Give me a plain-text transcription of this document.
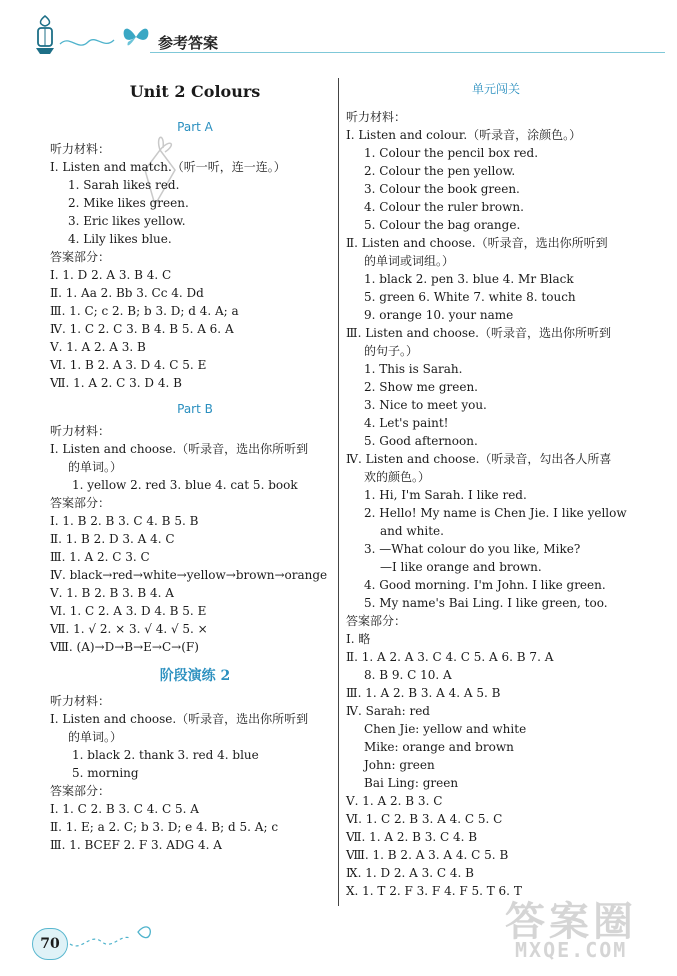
参考答案
Unit 2 Colours
Part A
听力材料：
Ⅰ. Listen and match.（听一听，连一连。）
1. Sarah likes red.
2. Mike likes green.
3. Eric likes yellow.
4. Lily likes blue.
答案部分：
Ⅰ. 1. D 2. A 3. B 4. C
Ⅱ. 1. Aa 2. Bb 3. Cc 4. Dd
Ⅲ. 1. C; c 2. B; b 3. D; d 4. A; a
Ⅳ. 1. C 2. C 3. B 4. B 5. A 6. A
Ⅴ. 1. A 2. A 3. B
Ⅵ. 1. B 2. A 3. D 4. C 5. E
Ⅶ. 1. A 2. C 3. D 4. B
Part B
听力材料：
Ⅰ. Listen and choose.（听录音，选出你所听到
的单词。）
1. yellow 2. red 3. blue 4. cat 5. book
答案部分：
Ⅰ. 1. B 2. B 3. C 4. B 5. B
Ⅱ. 1. B 2. D 3. A 4. C
Ⅲ. 1. A 2. C 3. C
Ⅳ. black→red→white→yellow→brown→orange
Ⅴ. 1. B 2. B 3. B 4. A
Ⅵ. 1. C 2. A 3. D 4. B 5. E
Ⅶ. 1. √ 2. × 3. √ 4. √ 5. ×
Ⅷ. (A)→D→B→E→C→(F)
阶段演练 2
听力材料：
Ⅰ. Listen and choose.（听录音，选出你所听到
的单词。）
1. black 2. thank 3. red 4. blue
5. morning
答案部分：
Ⅰ. 1. C 2. B 3. C 4. C 5. A
Ⅱ. 1. E; a 2. C; b 3. D; e 4. B; d 5. A; c
Ⅲ. 1. BCEF 2. F 3. ADG 4. A
单元闯关
听力材料：
Ⅰ. Listen and colour.（听录音，涂颜色。）
1. Colour the pencil box red.
2. Colour the pen yellow.
3. Colour the book green.
4. Colour the ruler brown.
5. Colour the bag orange.
Ⅱ. Listen and choose.（听录音，选出你所听到
的单词或词组。）
1. black 2. pen 3. blue 4. Mr Black
5. green 6. White 7. white 8. touch
9. orange 10. your name
Ⅲ. Listen and choose.（听录音，选出你所听到
的句子。）
1. This is Sarah.
2. Show me green.
3. Nice to meet you.
4. Let's paint!
5. Good afternoon.
Ⅳ. Listen and choose.（听录音，勾出各人所喜
欢的颜色。）
1. Hi, I'm Sarah. I like red.
2. Hello! My name is Chen Jie. I like yellow
and white.
3. —What colour do you like, Mike?
—I like orange and brown.
4. Good morning. I'm John. I like green.
5. My name's Bai Ling. I like green, too.
答案部分：
Ⅰ. 略
Ⅱ. 1. A 2. A 3. C 4. C 5. A 6. B 7. A
8. B 9. C 10. A
Ⅲ. 1. A 2. B 3. A 4. A 5. B
Ⅳ. Sarah: red
Chen Jie: yellow and white
Mike: orange and brown
John: green
Bai Ling: green
Ⅴ. 1. A 2. B 3. C
Ⅵ. 1. C 2. B 3. A 4. C 5. C
Ⅶ. 1. A 2. B 3. C 4. B
Ⅷ. 1. B 2. A 3. A 4. C 5. B
Ⅸ. 1. D 2. A 3. C 4. B
Ⅹ. 1. T 2. F 3. F 4. F 5. T 6. T
70	答案圈
MXQE.COM
